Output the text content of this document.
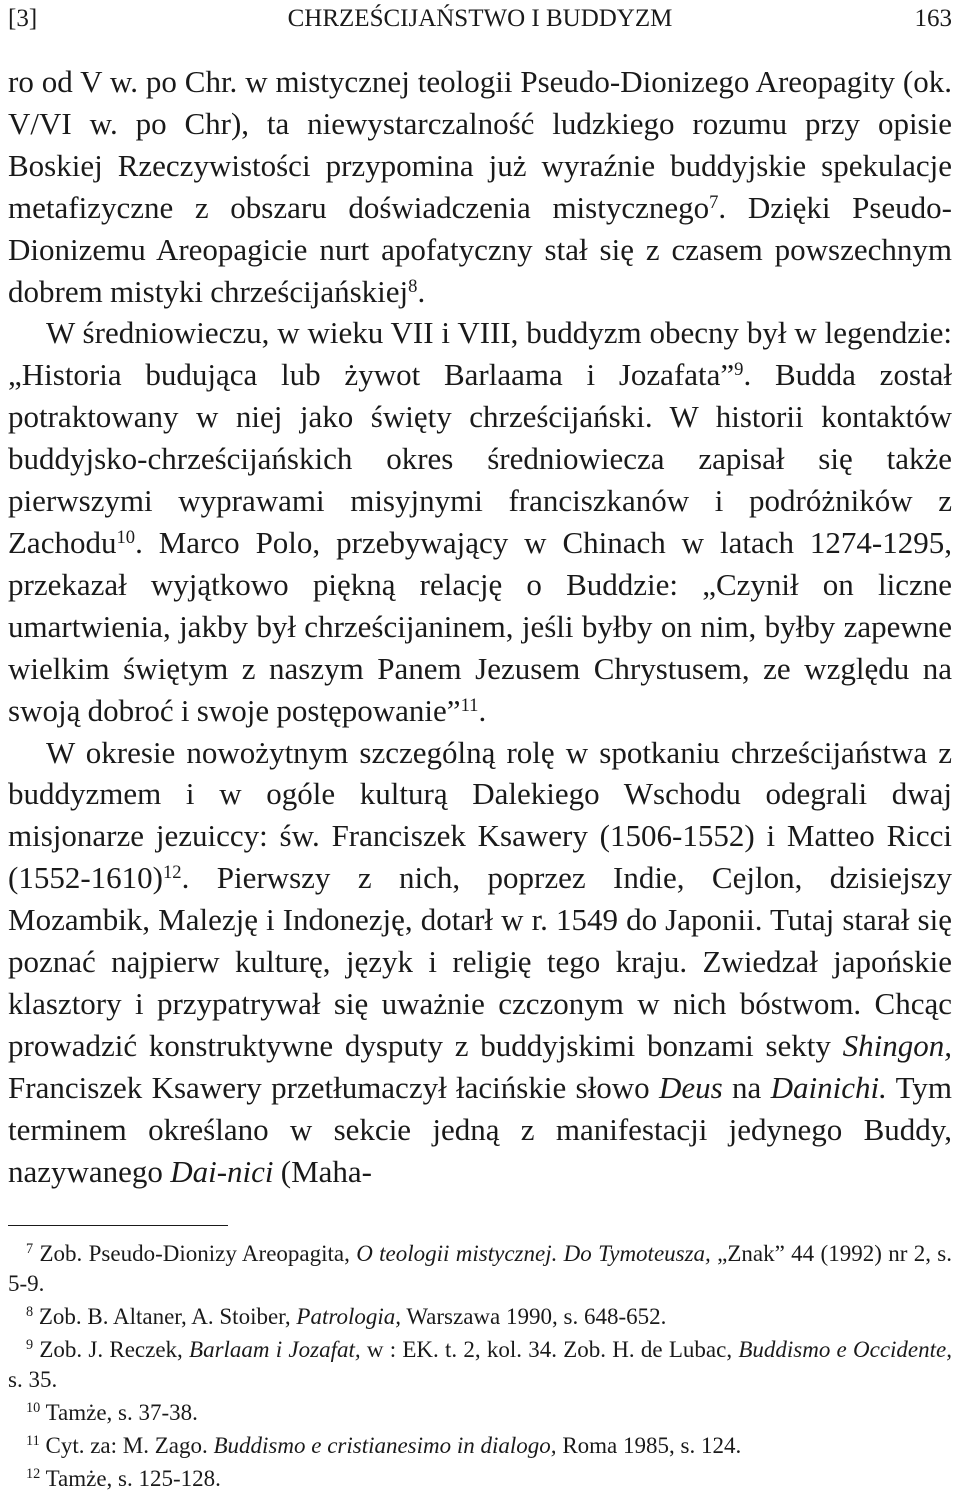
[3]	CHRZEŚCIJAŃSTWO I BUDDYZM	163

ro od V w. po Chr. w mistycznej teologii Pseudo-Dionizego Areopagity (ok. V/VI w. po Chr), ta niewystarczalność ludzkiego rozumu przy opisie Boskiej Rzeczywistości przypomina już wyraźnie buddyjskie spekulacje metafizyczne z obszaru doświadczenia mistycznego$^7$. Dzięki Pseudo-Dionizemu Areopagicie nurt apofatyczny stał się z czasem powszechnym dobrem mistyki chrześcijańskiej$^8$.

W średniowieczu, w wieku VII i VIII, buddyzm obecny był w legendzie: „Historia budująca lub żywot Barlaama i Jozafata”$^9$. Budda został potraktowany w niej jako święty chrześcijański. W historii kontaktów buddyjsko-chrześcijańskich okres średniowiecza zapisał się także pierwszymi wyprawami misyjnymi franciszkanów i podróżników z Zachodu$^{10}$. Marco Polo, przebywający w Chinach w latach 1274-1295, przekazał wyjątkowo piękną relację o Buddzie: „Czynił on liczne umartwienia, jakby był chrześcijaninem, jeśli byłby on nim, byłby zapewne wielkim świętym z naszym Panem Jezusem Chrystusem, ze względu na swoją dobroć i swoje postępowanie”$^{11}$.

W okresie nowożytnym szczególną rolę w spotkaniu chrześcijaństwa z buddyzmem i w ogóle kulturą Dalekiego Wschodu odegrali dwaj misjonarze jezuiccy: św. Franciszek Ksawery (1506-1552) i Matteo Ricci (1552-1610)$^{12}$. Pierwszy z nich, poprzez Indie, Cejlon, dzisiejszy Mozambik, Malezję i Indonezję, dotarł w r. 1549 do Japonii. Tutaj starał się poznać najpierw kulturę, język i religię tego kraju. Zwiedzał japońskie klasztory i przypatrywał się uważnie czczonym w nich bóstwom. Chcąc prowadzić konstruktywne dysputy z buddyjskimi bonzami sekty Shingon, Franciszek Ksawery przetłumaczył łacińskie słowo Deus na Dainichi. Tym terminem określano w sekcie jedną z manifestacji jedynego Buddy, nazywanego Dai-nici (Maha-

$^7$ Zob. Pseudo-Dionizy Areopagita, O teologii mistycznej. Do Tymoteusza, „Znak” 44 (1992) nr 2, s. 5-9.

$^8$ Zob. B. Altaner, A. Stoiber, Patrologia, Warszawa 1990, s. 648-652.

$^9$ Zob. J. Reczek, Barlaam i Jozafat, w : EK. t. 2, kol. 34. Zob. H. de Lubac, Buddismo e Occidente, s. 35.

$^{10}$ Tamże, s. 37-38.

$^{11}$ Cyt. za: M. Zago. Buddismo e cristianesimo in dialogo, Roma 1985, s. 124.

$^{12}$ Tamże, s. 125-128.
